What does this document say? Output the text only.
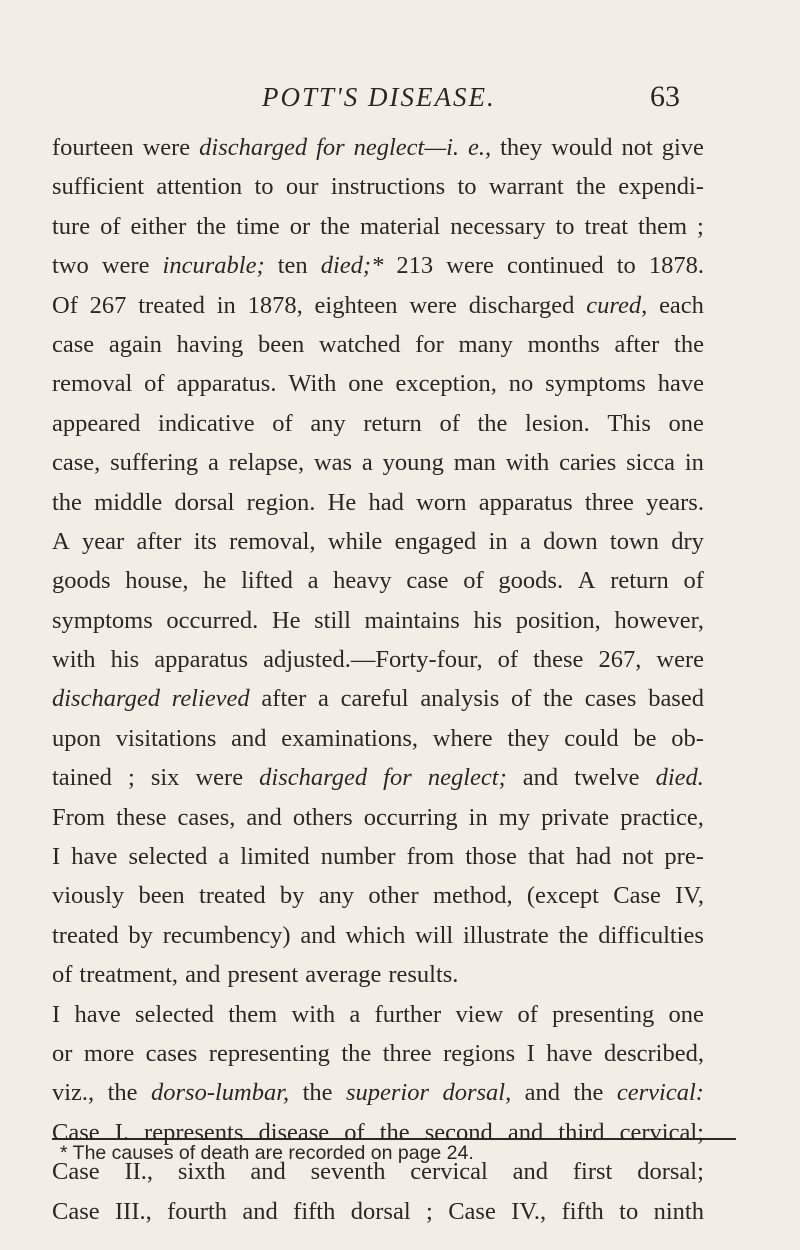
POTT'S DISEASE.	63
fourteen were discharged for neglect—i. e., they would not give
sufficient attention to our instructions to warrant the expendi-
ture of either the time or the material necessary to treat them ;
two were incurable; ten died;* 213 were continued to 1878.
Of 267 treated in 1878, eighteen were discharged cured, each
case again having been watched for many months after the
removal of apparatus. With one exception, no symptoms have
appeared indicative of any return of the lesion. This one
case, suffering a relapse, was a young man with caries sicca in
the middle dorsal region. He had worn apparatus three years.
A year after its removal, while engaged in a down town dry
goods house, he lifted a heavy case of goods. A return of
symptoms occurred. He still maintains his position, however,
with his apparatus adjusted.—Forty-four, of these 267, were
discharged relieved after a careful analysis of the cases based
upon visitations and examinations, where they could be ob-
tained ; six were discharged for neglect; and twelve died.
From these cases, and others occurring in my private practice,
I have selected a limited number from those that had not pre-
viously been treated by any other method, (except Case IV,
treated by recumbency) and which will illustrate the difficulties
of treatment, and present average results.
I have selected them with a further view of presenting one
or more cases representing the three regions I have described,
viz., the dorso-lumbar, the superior dorsal, and the cervical:
Case I. represents disease of the second and third cervical;
Case II., sixth and seventh cervical and first dorsal;
Case III., fourth and fifth dorsal ; Case IV., fifth to ninth
* The causes of death are recorded on page 24.
